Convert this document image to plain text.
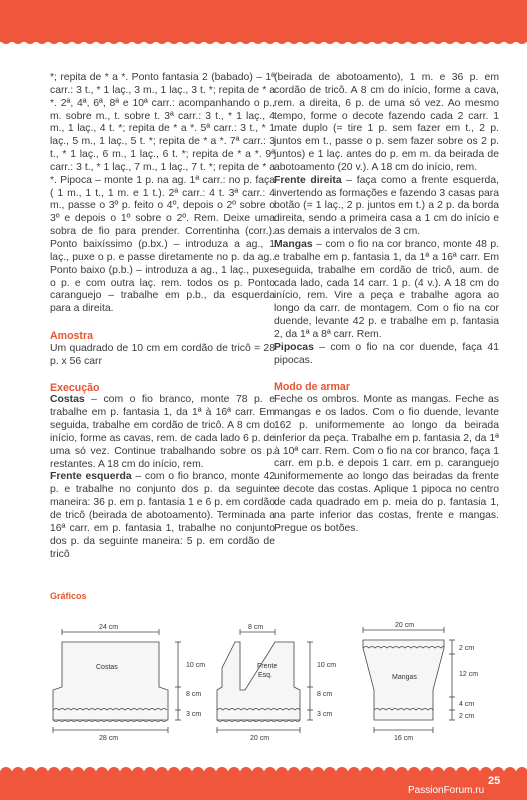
*; repita de * a *. Ponto fantasia 2 (babado) – 1ª carr.: 3 t., * 1 laç., 3 m., 1 laç., 3 t. *; repita de * a *. 2ª, 4ª, 6ª, 8ª e 10ª carr.: acompanhando o p., m. sobre m., t. sobre t. 3ª carr.: 3 t., * 1 laç., 4 m., 1 laç., 4 t. *; repita de * a *. 5ª carr.: 3 t., * 1 laç., 5 m., 1 laç., 5 t. *; repita de * a *. 7ª carr.: 3 t., * 1 laç., 6 m., 1 laç., 6 t. *; repita de * a *. 9ª carr.: 3 t., * 1 laç., 7 m., 1 laç., 7 t. *; repita de * a *. Pipoca – monte 1 p. na ag. 1ª carr.: no p. faça ( 1 m., 1 t., 1 m. e 1 t.). 2ª carr.: 4 t. 3ª carr.: 4 m., passe o 3º p. feito o 4º, depois o 2º sobre o 3º e depois o 1º sobre o 2º. Rem. Deixe uma sobra de fio para prender. Correntinha (corr.). Ponto baixíssimo (p.bx.) – introduza a ag., 1 laç., puxe o p. e passe diretamente no p. da ag.. Ponto baixo (p.b.) – introduza a ag., 1 laç., puxe o p. e com outra laç. rem. todos os p. Ponto caranguejo – trabalhe em p.b., da esquerda para a direita.

Amostra

Um quadrado de 10 cm em cordão de tricô = 28 p. x 56 carr

Execução

Costas – com o fio branco, monte 78 p. e trabalhe em p. fantasia 1, da 1ª à 16ª carr. Em seguida, trabalhe em cordão de tricô. A 8 cm do início, forme as cavas, rem. de cada lado 6 p. de uma só vez. Continue trabalhando sobre os p. restantes. A 18 cm do início, rem.

Frente esquerda – com o fio branco, monte 42 p. e trabalhe no conjunto dos p. da seguinte maneira: 36 p. em p. fantasia 1 e 6 p. em cordão de tricô (beirada de abotoamento). Terminada a 16ª carr. em p. fantasia 1, trabalhe no conjunto dos p. da seguinte maneira: 5 p. em cordão de tricô

(beirada de abotoamento), 1 m. e 36 p. em cordão de tricô. A 8 cm do início, forme a cava, rem. a direita, 6 p. de uma só vez. Ao mesmo tempo, forme o decote fazendo cada 2 carr. 1 mate duplo (= tire 1 p. sem fazer em t., 2 p. juntos em t., passe o p. sem fazer sobre os 2 p. juntos) e 1 laç. antes do p. em m. da beirada de abotoamento (20 v.). A 18 cm do início, rem.

Frente direita – faça como a frente esquerda, invertendo as formações e fazendo 3 casas para botão (= 1 laç., 2 p. juntos em t.) a 2 p. da borda direita, sendo a primeira casa a 1 cm do início e as demais a intervalos de 3 cm.

Mangas – com o fio na cor branco, monte 48 p. e trabalhe em p. fantasia 1, da 1ª a 16ª carr. Em seguida, trabalhe em cordão de tricô, aum. de cada lado, cada 14 carr. 1 p. (4 v.). A 18 cm do início, rem. Vire a peça e trabalhe agora ao longo da carr. de montagem. Com o fio na cor duende, levante 42 p. e trabalhe em p. fantasia 2, da 1ª a 8ª carr. Rem.

Pipocas – com o fio na cor duende, faça 41 pipocas.

Modo de armar

Feche os ombros. Monte as mangas. Feche as mangas e os lados. Com o fio duende, levante 162 p. uniformemente ao longo da beirada inferior da peça. Trabalhe em p. fantasia 2, da 1ª à 10ª carr. Rem. Com o fio na cor branco, faça 1 carr. em p.b. e depois 1 carr. em p. caranguejo uniformemente ao longo das beiradas da frente e decote das costas. Aplique 1 pipoca no centro de cada quadrado em p. meia do p. fantasia 1, na parte inferior das costas, frente e mangas. Pregue os botões.

Gráficos
Costas
24 cm
28 cm
10 cm
8 cm
3 cm
Frente
Esq.
8 cm
20 cm
10 cm
8 cm
3 cm
Mangas
20 cm
16 cm
2 cm
12 cm
4 cm
2 cm
25
PassionForum.ru
